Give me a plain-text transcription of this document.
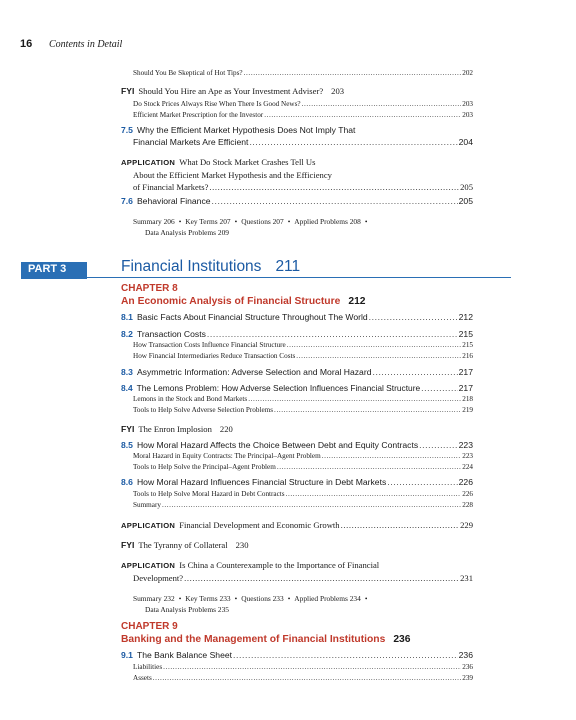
16 Contents in Detail
Should You Be Skeptical of Hot Tips? .....	202
FYI Should You Hire an Ape as Your Investment Adviser? 203
Do Stock Prices Always Rise When There Is Good News? .....	203
Efficient Market Prescription for the Investor .....	203
7.5 Why the Efficient Market Hypothesis Does Not Imply That
Financial Markets Are Efficient .....	204
APPLICATION What Do Stock Market Crashes Tell Us
About the Efficient Market Hypothesis and the Efficiency
of Financial Markets? .....	205
7.6 Behavioral Finance .....	205
Summary 206 • Key Terms 207 • Questions 207 • Applied Problems 208 •
Data Analysis Problems 209
PART 3	Financial Institutions 211
CHAPTER 8
An Economic Analysis of Financial Structure 212
8.1 Basic Facts About Financial Structure Throughout The World .....	212
8.2 Transaction Costs .....	215
How Transaction Costs Influence Financial Structure .....	215
How Financial Intermediaries Reduce Transaction Costs .....	216
8.3 Asymmetric Information: Adverse Selection and Moral Hazard .....	217
8.4 The Lemons Problem: How Adverse Selection Influences Financial Structure .....	217
Lemons in the Stock and Bond Markets .....	218
Tools to Help Solve Adverse Selection Problems .....	219
FYI The Enron Implosion 220
8.5 How Moral Hazard Affects the Choice Between Debt and Equity Contracts .....	223
Moral Hazard in Equity Contracts: The Principal–Agent Problem .....	223
Tools to Help Solve the Principal–Agent Problem .....	224
8.6 How Moral Hazard Influences Financial Structure in Debt Markets .....	226
Tools to Help Solve Moral Hazard in Debt Contracts .....	226
Summary .....	228
APPLICATION Financial Development and Economic Growth .....	229
FYI The Tyranny of Collateral 230
APPLICATION Is China a Counterexample to the Importance of Financial
Development? .....	231
Summary 232 • Key Terms 233 • Questions 233 • Applied Problems 234 •
Data Analysis Problems 235
CHAPTER 9
Banking and the Management of Financial Institutions 236
9.1 The Bank Balance Sheet .....	236
Liabilities .....	236
Assets .....	239
